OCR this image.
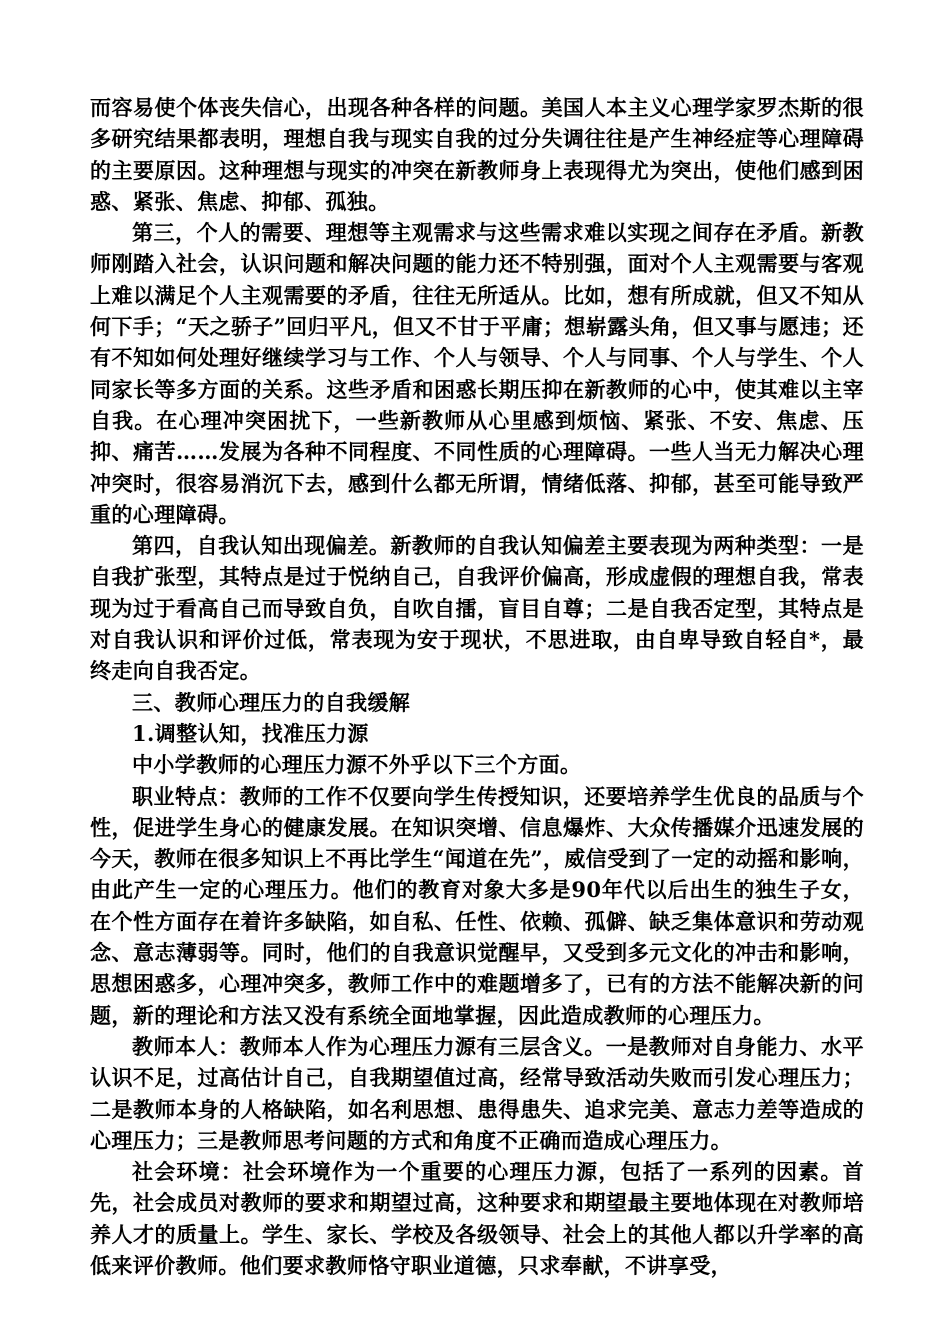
而容易使个体丧失信心，出现各种各样的问题。美国人本主义心理学家罗杰斯的很多研究结果都表明，理想自我与现实自我的过分失调往往是产生神经症等心理障碍的主要原因。这种理想与现实的冲突在新教师身上表现得尤为突出，使他们感到困惑、紧张、焦虑、抑郁、孤独。

第三，个人的需要、理想等主观需求与这些需求难以实现之间存在矛盾。新教师刚踏入社会，认识问题和解决问题的能力还不特别强，面对个人主观需要与客观上难以满足个人主观需要的矛盾，往往无所适从。比如，想有所成就，但又不知从何下手；“天之骄子”回归平凡，但又不甘于平庸；想崭露头角，但又事与愿违；还有不知如何处理好继续学习与工作、个人与领导、个人与同事、个人与学生、个人同家长等多方面的关系。这些矛盾和困惑长期压抑在新教师的心中，使其难以主宰自我。在心理冲突困扰下，一些新教师从心里感到烦恼、紧张、不安、焦虑、压抑、痛苦……发展为各种不同程度、不同性质的心理障碍。一些人当无力解决心理冲突时，很容易消沉下去，感到什么都无所谓，情绪低落、抑郁，甚至可能导致严重的心理障碍。

第四，自我认知出现偏差。新教师的自我认知偏差主要表现为两种类型：一是自我扩张型，其特点是过于悦纳自己，自我评价偏高，形成虚假的理想自我，常表现为过于看高自己而导致自负，自吹自擂，盲目自尊；二是自我否定型，其特点是对自我认识和评价过低，常表现为安于现状，不思进取，由自卑导致自轻自*，最终走向自我否定。

三、教师心理压力的自我缓解

1.调整认知，找准压力源

中小学教师的心理压力源不外乎以下三个方面。

职业特点：教师的工作不仅要向学生传授知识，还要培养学生优良的品质与个性，促进学生身心的健康发展。在知识突增、信息爆炸、大众传播媒介迅速发展的今天，教师在很多知识上不再比学生“闻道在先”，威信受到了一定的动摇和影响，由此产生一定的心理压力。他们的教育对象大多是90年代以后出生的独生子女，在个性方面存在着许多缺陷，如自私、任性、依赖、孤僻、缺乏集体意识和劳动观念、意志薄弱等。同时，他们的自我意识觉醒早，又受到多元文化的冲击和影响，思想困惑多，心理冲突多，教师工作中的难题增多了，已有的方法不能解决新的问题，新的理论和方法又没有系统全面地掌握，因此造成教师的心理压力。

教师本人：教师本人作为心理压力源有三层含义。一是教师对自身能力、水平认识不足，过高估计自己，自我期望值过高，经常导致活动失败而引发心理压力；二是教师本身的人格缺陷，如名利思想、患得患失、追求完美、意志力差等造成的心理压力；三是教师思考问题的方式和角度不正确而造成心理压力。

社会环境：社会环境作为一个重要的心理压力源，包括了一系列的因素。首先，社会成员对教师的要求和期望过高，这种要求和期望最主要地体现在对教师培养人才的质量上。学生、家长、学校及各级领导、社会上的其他人都以升学率的高低来评价教师。他们要求教师恪守职业道德，只求奉献，不讲享受，
